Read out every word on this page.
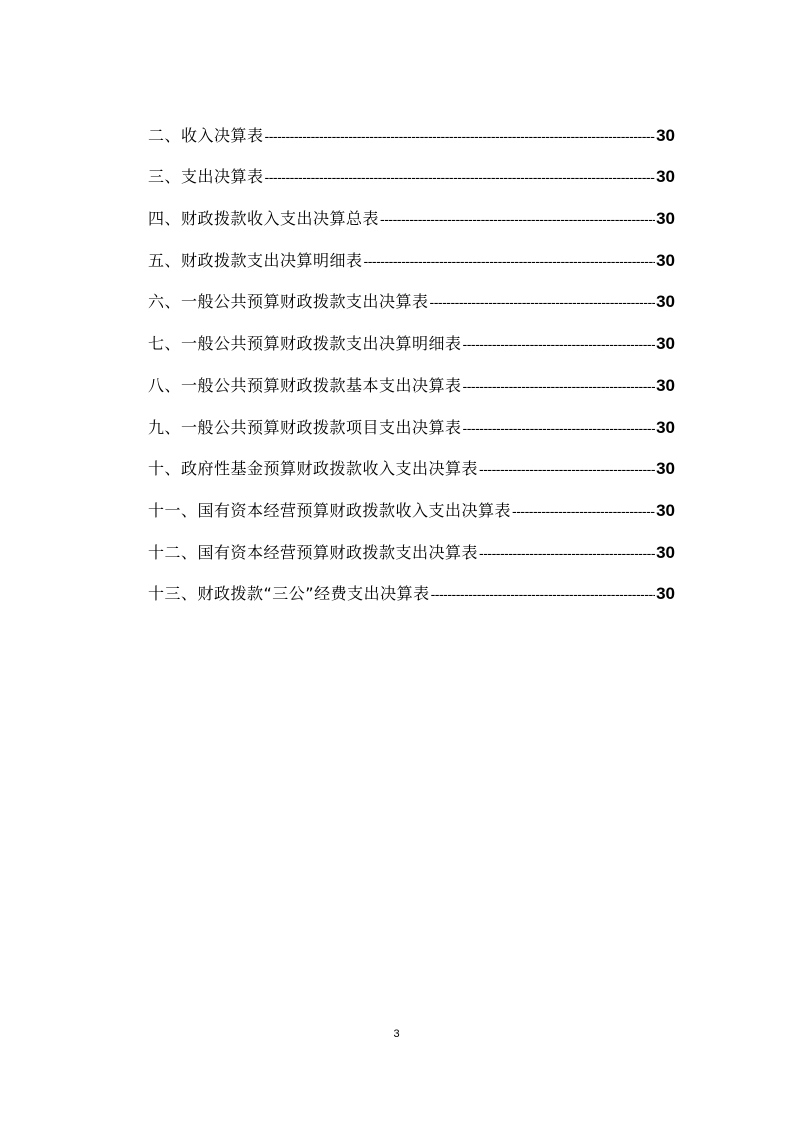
二、收入决算表 -----	30
三、支出决算表 -----	30
四、财政拨款收入支出决算总表 -----	30
五、财政拨款支出决算明细表 -----	30
六、一般公共预算财政拨款支出决算表 -----	30
七、一般公共预算财政拨款支出决算明细表 -----	30
八、一般公共预算财政拨款基本支出决算表 -----	30
九、一般公共预算财政拨款项目支出决算表 -----	30
十、政府性基金预算财政拨款收入支出决算表 -----	30
十一、国有资本经营预算财政拨款收入支出决算表 -----	30
十二、国有资本经营预算财政拨款支出决算表 -----	30
十三、财政拨款“三公”经费支出决算表 -----	30
3
